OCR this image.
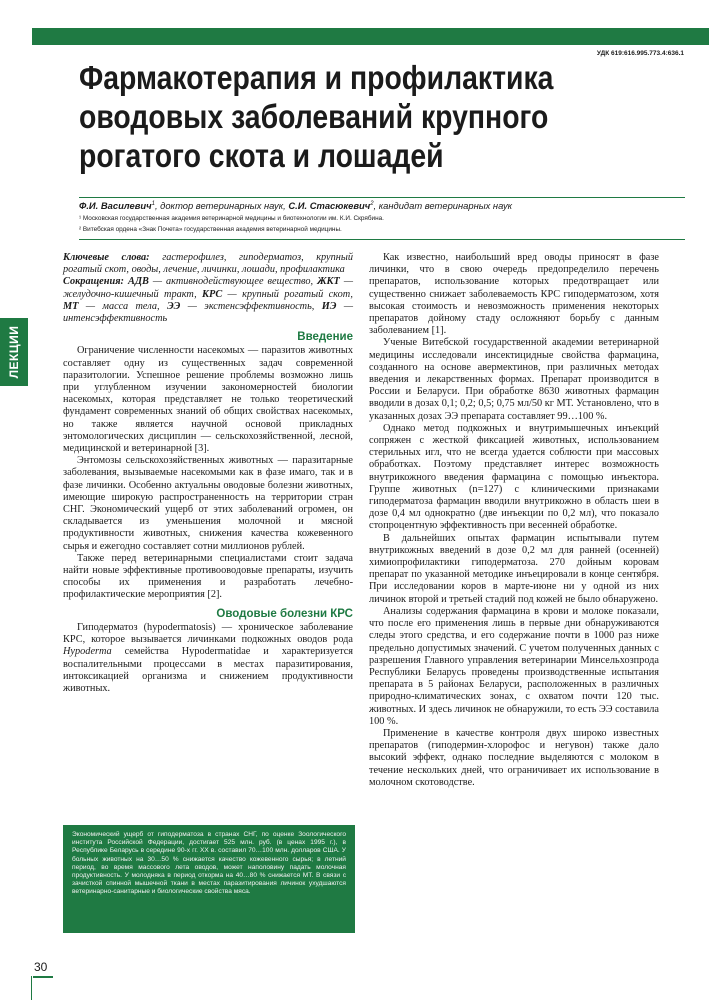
ЛЕКЦИИ
УДК 619:616.995.773.4:636.1
Фармакотерапия и профилактика оводовых заболеваний крупного рогатого скота и лошадей
Ф.И. Василевич$^1$, доктор ветеринарных наук, С.И. Стасюкевич$^2$, кандидат ветеринарных наук
¹ Московская государственная академия ветеринарной медицины и биотехнологии им. К.И. Скрябина.
² Витебская ордена «Знак Почета» государственная академия ветеринарной медицины.

Ключевые слова: гастерофилез, гиподерматоз, крупный рогатый скот, оводы, лечение, личинки, лошади, профилактика

Сокращения: АДВ — активнодействующее вещество, ЖКТ — желудочно-кишечный тракт, КРС — крупный рогатый скот, МТ — масса тела, ЭЭ — экстенсэффективность, ИЭ — интенсэффективность

Введение

Ограничение численности насекомых — паразитов животных составляет одну из существенных задач современной паразитологии. Успешное решение проблемы возможно лишь при углубленном изучении закономерностей биологии насекомых, которая представляет не только теоретический фундамент современных знаний об общих свойствах насекомых, но также является научной основой прикладных энтомологических дисциплин — сельскохозяйственной, лесной, медицинской и ветеринарной [3].

Энтомозы сельскохозяйственных животных — паразитарные заболевания, вызываемые насекомыми как в фазе имаго, так и в фазе личинки. Особенно актуальны оводовые болезни животных, имеющие широкую распространенность на территории стран СНГ. Экономический ущерб от этих заболеваний огромен, он складывается из уменьшения молочной и мясной продуктивности животных, снижения качества кожевенного сырья и ежегодно составляет сотни миллионов рублей.

Также перед ветеринарными специалистами стоит задача найти новые эффективные противооводовые препараты, изучить способы их применения и разработать лечебно-профилактические мероприятия [2].

Оводовые болезни КРС

Гиподерматоз (hypodermatosis) — хроническое заболевание КРС, которое вызывается личинками подкожных оводов рода Hypoderma семейства Hypodermatidae и характеризуется воспалительными процессами в местах паразитирования, интоксикацией организма и снижением продуктивности животных.

Экономический ущерб от гиподерматоза в странах СНГ, по оценке Зоологического института Российской Федерации, достигает 525 млн. руб. (в ценах 1995 г.), в Республике Беларусь в середине 90-х гг. ХХ в. составил 70…100 млн. долларов США. У больных животных на 30…50 % снижается качество кожевенного сырья; в летний период, во время массового лета оводов, может наполовину падать молочная продуктивность. У молодняка в период откорма на 40…80 % снижается МТ. В связи с зачисткой спинной мышечной ткани в местах паразитирования личинок ухудшаются ветеринарно-санитарные и биологические свойства мяса.

Как известно, наибольший вред оводы приносят в фазе личинки, что в свою очередь предопределило перечень препаратов, использование которых предотвращает или существенно снижает заболеваемость КРС гиподерматозом, хотя высокая стоимость и невозможность применения некоторых препаратов дойному стаду осложняют борьбу с данным заболеванием [1].

Ученые Витебской государственной академии ветеринарной медицины исследовали инсектицидные свойства фармацина, созданного на основе авермектинов, при различных методах введения и лекарственных формах. Препарат производится в России и Беларуси. При обработке 8630 животных фармацин вводили в дозах 0,1; 0,2; 0,5; 0,75 мл/50 кг МТ. Установлено, что в указанных дозах ЭЭ препарата составляет 99…100 %.

Однако метод подкожных и внутримышечных инъекций сопряжен с жесткой фиксацией животных, использованием стерильных игл, что не всегда удается соблюсти при массовых обработках. Поэтому представляет интерес возможность внутрикожного введения фармацина с помощью инъектора. Группе животных (n=127) с клиническими признаками гиподерматоза фармацин вводили внутрикожно в область шеи в дозе 0,4 мл однократно (две инъекции по 0,2 мл), что показало стопроцентную эффективность при весенней обработке.

В дальнейших опытах фармацин испытывали путем внутрикожных введений в дозе 0,2 мл для ранней (осенней) химиопрофилактики гиподерматоза. 270 дойным коровам препарат по указанной методике инъецировали в конце сентября. При исследовании коров в марте-июне ни у одной из них личинок второй и третьей стадий под кожей не было обнаружено.

Анализы содержания фармацина в крови и молоке показали, что после его применения лишь в первые дни обнаруживаются следы этого средства, и его содержание почти в 1000 раз ниже предельно допустимых значений. С учетом полученных данных с разрешения Главного управления ветеринарии Минсельхозпрода Республики Беларусь проведены производственные испытания препарата в 5 районах Беларуси, расположенных в различных природно-климатических зонах, с охватом почти 120 тыс. животных. И здесь личинок не обнаружили, то есть ЭЭ составила 100 %.

Применение в качестве контроля двух широко известных препаратов (гиподермин-хлорофос и негувон) также дало высокий эффект, однако последние выделяются с молоком в течение нескольких дней, что ограничивает их использование в молочном скотоводстве.

30
